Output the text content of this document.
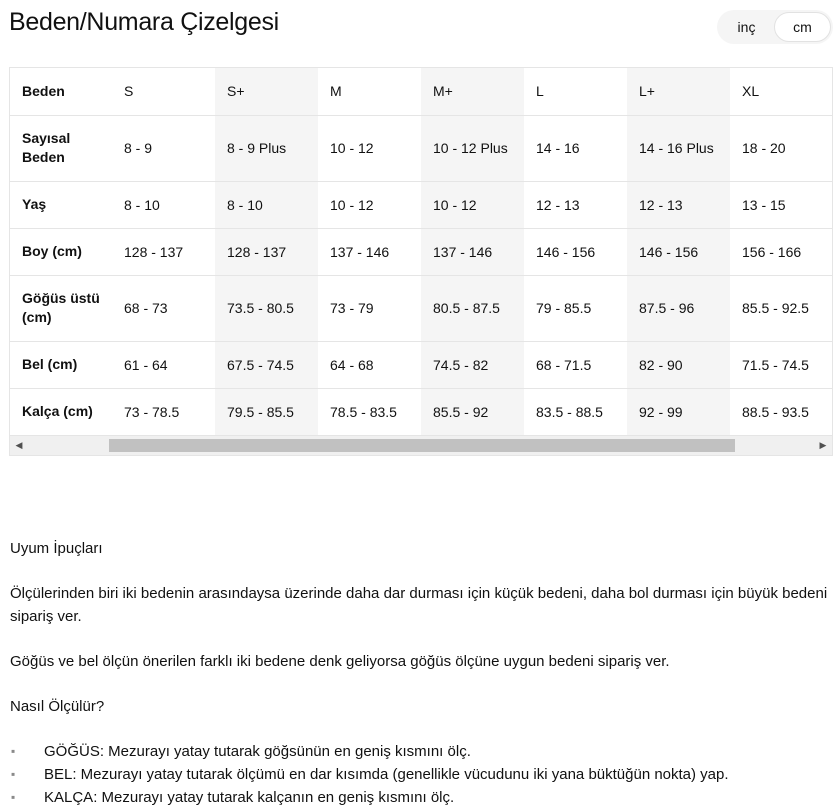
Beden/Numara Çizelgesi	inç	cm
Beden	S	S+	M	M+	L	L+	XL
Sayısal Beden	8 - 9	8 - 9 Plus	10 - 12	10 - 12 Plus	14 - 16	14 - 16 Plus	18 - 20
Yaş	8 - 10	8 - 10	10 - 12	10 - 12	12 - 13	12 - 13	13 - 15
Boy (cm)	128 - 137	128 - 137	137 - 146	137 - 146	146 - 156	146 - 156	156 - 166
Göğüs üstü (cm)	68 - 73	73.5 - 80.5	73 - 79	80.5 - 87.5	79 - 85.5	87.5 - 96	85.5 - 92.5
Bel (cm)	61 - 64	67.5 - 74.5	64 - 68	74.5 - 82	68 - 71.5	82 - 90	71.5 - 74.5
Kalça (cm)	73 - 78.5	79.5 - 85.5	78.5 - 83.5	85.5 - 92	83.5 - 88.5	92 - 99	88.5 - 93.5
◀	▶

Uyum İpuçları

Ölçülerinden biri iki bedenin arasındaysa üzerinde daha dar durması için küçük bedeni, daha bol durması için büyük bedeni sipariş ver.

Göğüs ve bel ölçün önerilen farklı iki bedene denk geliyorsa göğüs ölçüne uygun bedeni sipariş ver.

Nasıl Ölçülür?

▪ GÖĞÜS: Mezurayı yatay tutarak göğsünün en geniş kısmını ölç.
▪ BEL: Mezurayı yatay tutarak ölçümü en dar kısımda (genellikle vücudunu iki yana büktüğün nokta) yap.
▪ KALÇA: Mezurayı yatay tutarak kalçanın en geniş kısmını ölç.
